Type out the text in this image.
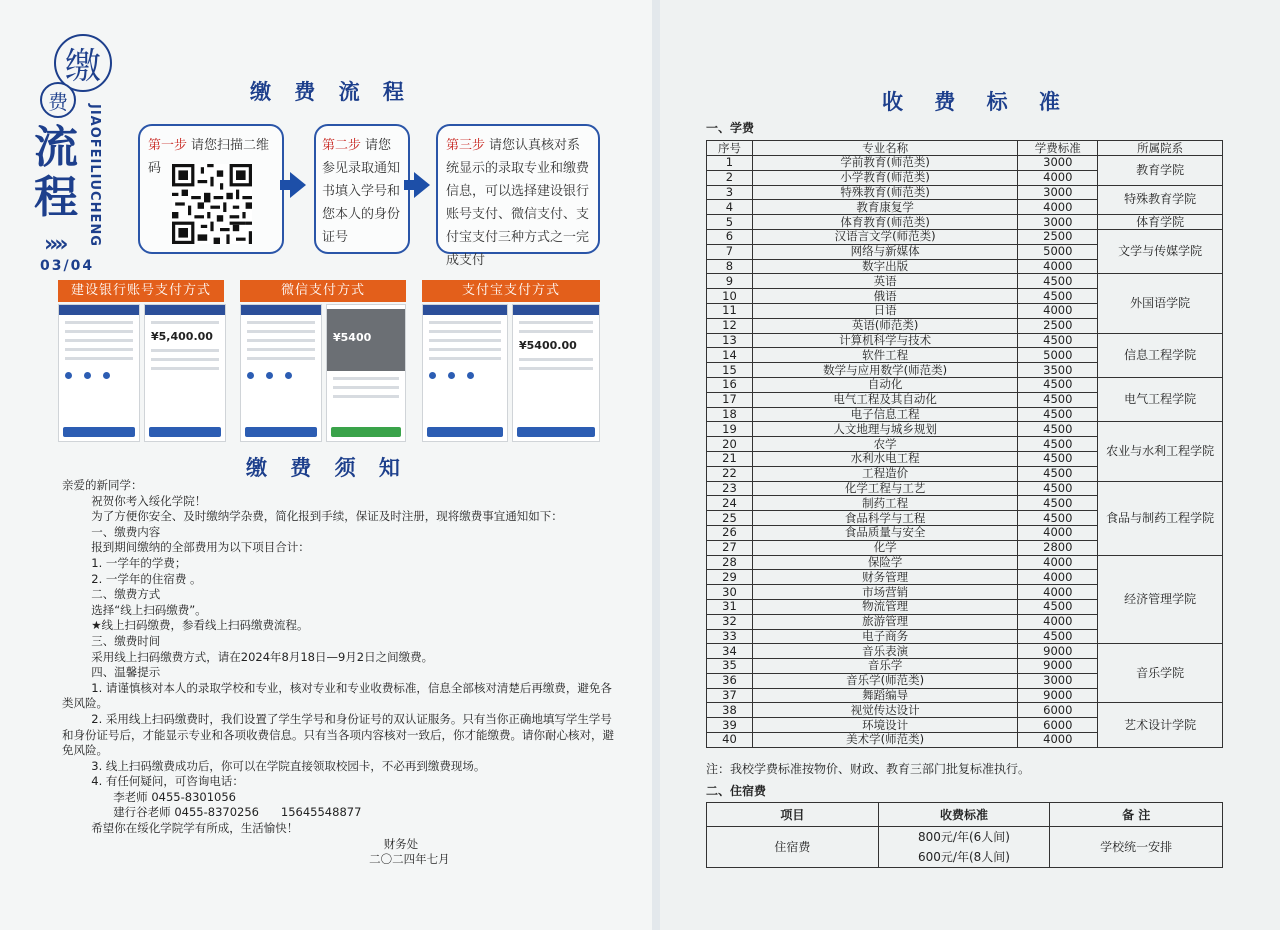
缴
费
流
程 JIAOFEILIUCHENG
»»
03/04
缴 费 流 程
第一步 请您扫描二维码
第二步 请您参见录取通知书填入学号和您本人的身份证号
第三步 请您认真核对系统显示的录取专业和缴费信息，可以选择建设银行账号支付、微信支付、支付宝支付三种方式之一完成支付
建设银行账号支付方式	微信支付方式	支付宝支付方式
¥5,400.00	¥5400
¥5400.00
缴 费 须 知

亲爱的新同学：

祝贺你考入绥化学院！

为了方便你安全、及时缴纳学杂费，简化报到手续，保证及时注册，现将缴费事宜通知如下：

一、缴费内容

报到期间缴纳的全部费用为以下项目合计：

1. 一学年的学费；

2. 一学年的住宿费 。

二、缴费方式

选择“线上扫码缴费”。

★线上扫码缴费，参看线上扫码缴费流程。

三、缴费时间

采用线上扫码缴费方式，请在2024年8月18日—9月2日之间缴费。

四、温馨提示

1. 请谨慎核对本人的录取学校和专业，核对专业和专业收费标准，信息全部核对清楚后再缴费，避免各类风险。

2. 采用线上扫码缴费时，我们设置了学生学号和身份证号的双认证服务。只有当你正确地填写学生学号和身份证号后，才能显示专业和各项收费信息。只有当各项内容核对一致后，你才能缴费。请你耐心核对，避免风险。

3. 线上扫码缴费成功后，你可以在学院直接领取校园卡，不必再到缴费现场。

4. 有任何疑问，可咨询电话：

李老师 0455-8301056

建行谷老师 0455-8370256      15645548877

希望你在绥化学院学有所成，生活愉快！

财务处

二〇二四年七月

收 费 标 准
一、学费
序号	专业名称	学费标准	所属院系
1	学前教育(师范类)	3000	教育学院
2	小学教育(师范类)	4000	
3	特殊教育(师范类)	3000	特殊教育学院
4	教育康复学	4000	
5	体育教育(师范类)	3000	体育学院
6	汉语言文学(师范类)	2500	文学与传媒学院
7	网络与新媒体	5000	
8	数字出版	4000	
9	英语	4500	外国语学院
10	俄语	4500	
11	日语	4000	
12	英语(师范类)	2500	
13	计算机科学与技术	4500	信息工程学院
14	软件工程	5000	
15	数学与应用数学(师范类)	3500	
16	自动化	4500	电气工程学院
17	电气工程及其自动化	4500	
18	电子信息工程	4500	
19	人文地理与城乡规划	4500	农业与水利工程学院
20	农学	4500	
21	水利水电工程	4500	
22	工程造价	4500	
23	化学工程与工艺	4500	食品与制药工程学院
24	制药工程	4500	
25	食品科学与工程	4500	
26	食品质量与安全	4000	
27	化学	2800	
28	保险学	4000	经济管理学院
29	财务管理	4000	
30	市场营销	4000	
31	物流管理	4500	
32	旅游管理	4000	
33	电子商务	4500	
34	音乐表演	9000	音乐学院
35	音乐学	9000	
36	音乐学(师范类)	3000	
37	舞蹈编导	9000	
38	视觉传达设计	6000	艺术设计学院
39	环境设计	6000	
40	美术学(师范类)	4000	
注：我校学费标准按物价、财政、教育三部门批复标准执行。
二、住宿费
项目	收费标准	备 注
住宿费	800元/年(6人间)
600元/年(8人间)	学校统一安排
